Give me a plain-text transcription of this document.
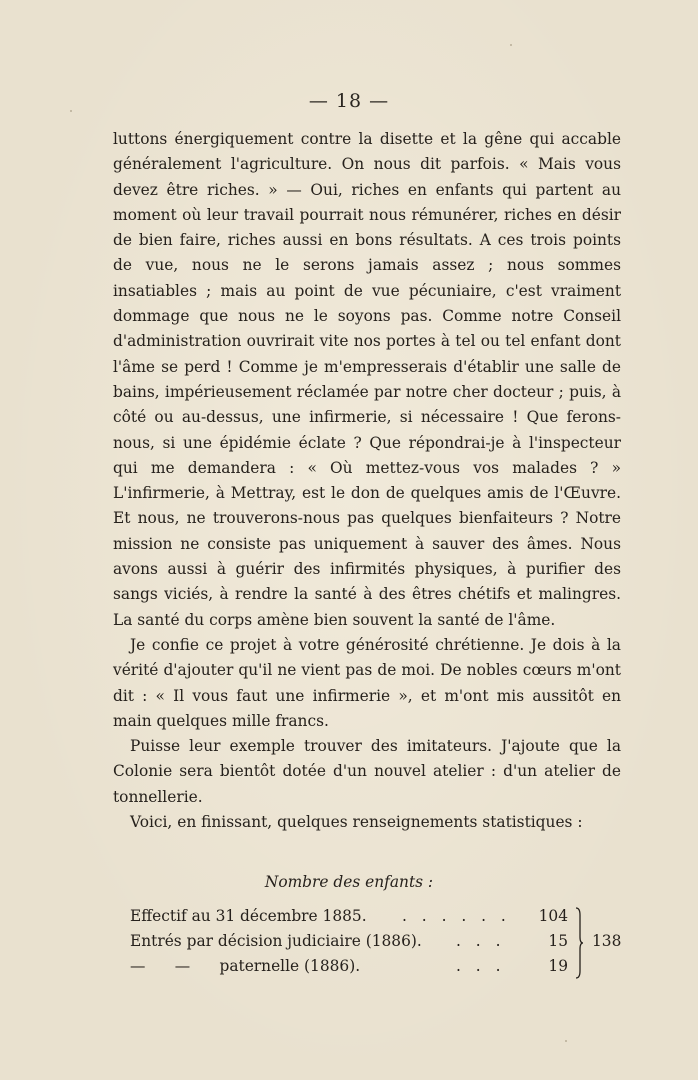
— 18 —

luttons énergiquement contre la disette et la gêne qui accable généralement l'agriculture. On nous dit parfois. « Mais vous devez être riches. » — Oui, riches en enfants qui partent au moment où leur travail pourrait nous rémunérer, riches en désir de bien faire, riches aussi en bons résultats. A ces trois points de vue, nous ne le serons jamais assez ; nous sommes insatiables ; mais au point de vue pécuniaire, c'est vraiment dommage que nous ne le soyons pas. Comme notre Conseil d'administration ouvrirait vite nos portes à tel ou tel enfant dont l'âme se perd ! Comme je m'empresserais d'établir une salle de bains, impérieusement réclamée par notre cher docteur ; puis, à côté ou au-dessus, une infirmerie, si nécessaire ! Que ferons-nous, si une épidémie éclate ? Que répondrai-je à l'inspecteur qui me demandera : « Où mettez-vous vos malades ? » L'infirmerie, à Mettray, est le don de quelques amis de l'Œuvre. Et nous, ne trouverons-nous pas quelques bienfaiteurs ? Notre mission ne consiste pas uniquement à sauver des âmes. Nous avons aussi à guérir des infirmités physiques, à purifier des sangs viciés, à rendre la santé à des êtres chétifs et malingres. La santé du corps amène bien souvent la santé de l'âme.

Je confie ce projet à votre générosité chrétienne. Je dois à la vérité d'ajouter qu'il ne vient pas de moi. De nobles cœurs m'ont dit : « Il vous faut une infirmerie », et m'ont mis aussitôt en main quelques mille francs.

Puisse leur exemple trouver des imitateurs. J'ajoute que la Colonie sera bientôt dotée d'un nouvel atelier : d'un atelier de tonnellerie.

Voici, en finissant, quelques renseignements statistiques :

Nombre des enfants :
Effectif au 31 décembre 1885. . . . . . . 104
Entrés par décision judiciaire (1886). . . .	15
—      —      paternelle (1886).	. . .	19
138
